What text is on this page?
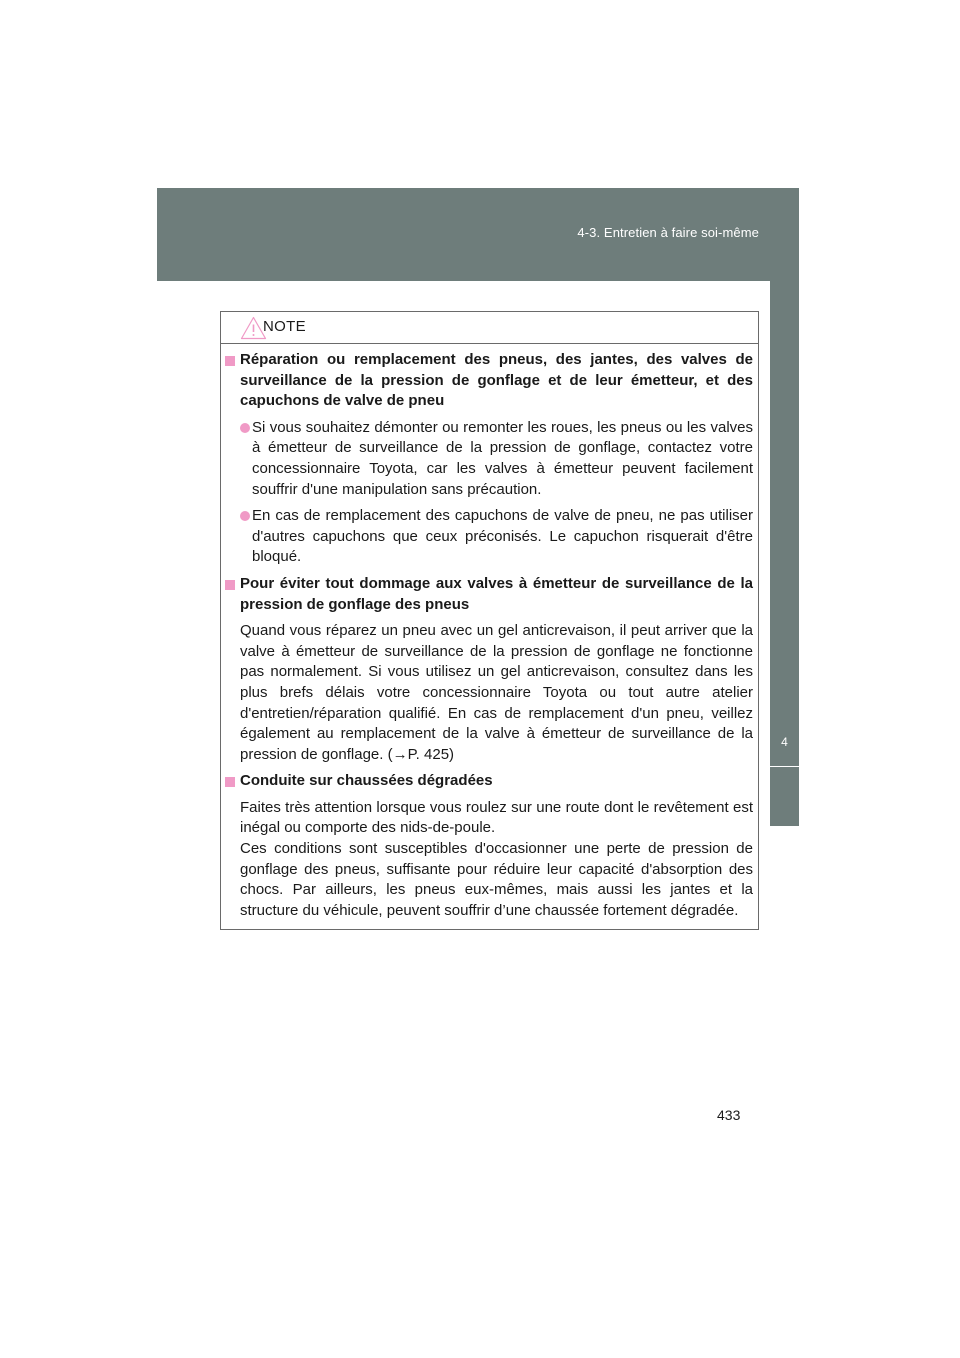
4-3. Entretien à faire soi-même
4
Entretien et soin
NOTE

Réparation ou remplacement des pneus, des jantes, des valves de surveillance de la pression de gonflage et de leur émetteur, et des capuchons de valve de pneu

Si vous souhaitez démonter ou remonter les roues, les pneus ou les valves à émetteur de surveillance de la pression de gonflage, contactez votre concessionnaire Toyota, car les valves à émetteur peuvent facilement souffrir d'une manipulation sans précaution.
En cas de remplacement des capuchons de valve de pneu, ne pas utiliser d'autres capuchons que ceux préconisés. Le capuchon risquerait d'être bloqué.

Pour éviter tout dommage aux valves à émetteur de surveillance de la pression de gonflage des pneus

Quand vous réparez un pneu avec un gel anticrevaison, il peut arriver que la valve à émetteur de surveillance de la pression de gonflage ne fonctionne pas normalement. Si vous utilisez un gel anticrevaison, consultez dans les plus brefs délais votre concessionnaire Toyota ou tout autre atelier d'entretien/réparation qualifié. En cas de remplacement d'un pneu, veillez également au remplacement de la valve à émetteur de surveillance de la pression de gonflage. (→P. 425)

Conduite sur chaussées dégradées

Faites très attention lorsque vous roulez sur une route dont le revêtement est inégal ou comporte des nids-de-poule.

Ces conditions sont susceptibles d'occasionner une perte de pression de gonflage des pneus, suffisante pour réduire leur capacité d'absorption des chocs. Par ailleurs, les pneus eux-mêmes, mais aussi les jantes et la structure du véhicule, peuvent souffrir d’une chaussée fortement dégradée.

433
